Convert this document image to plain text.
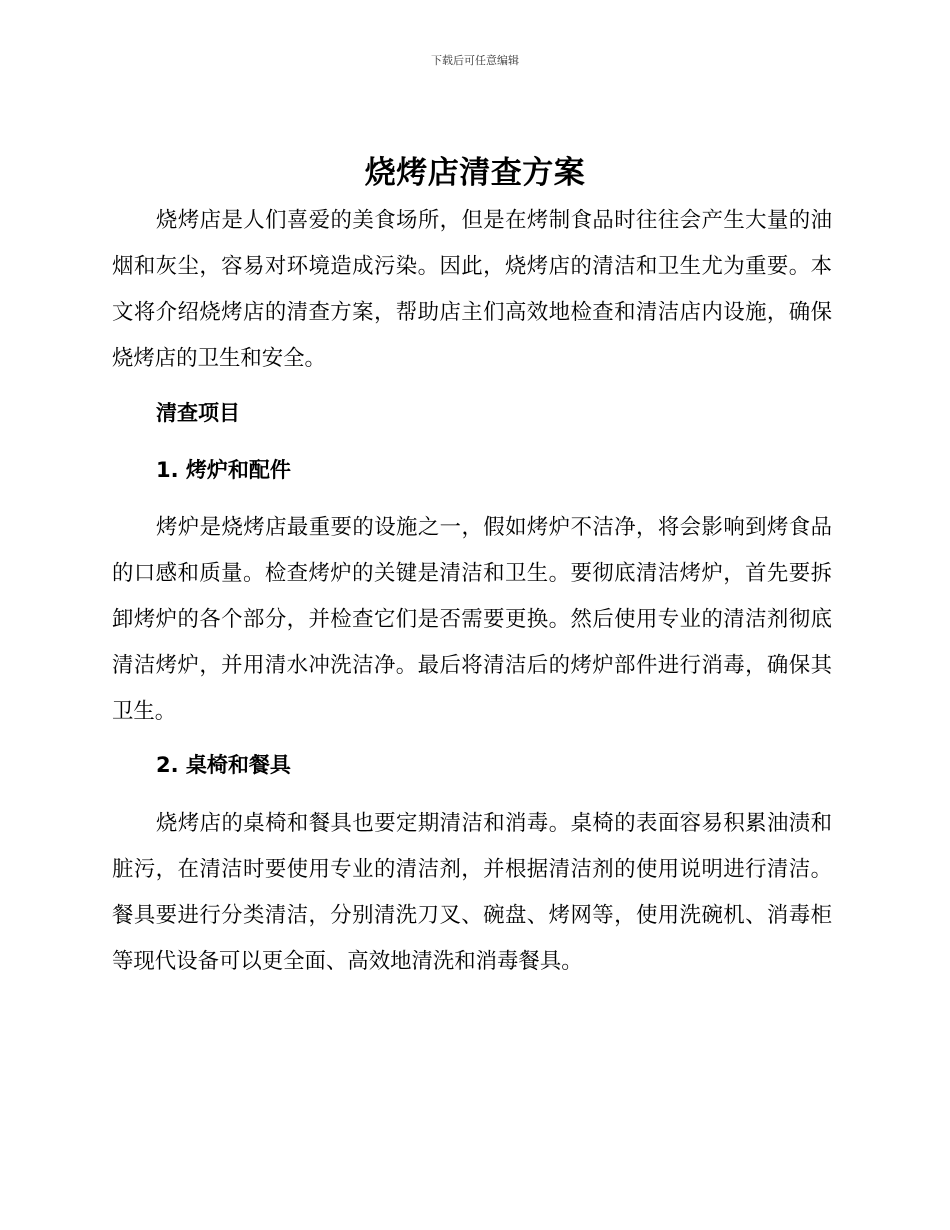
下载后可任意编辑
烧烤店清查方案

烧烤店是人们喜爱的美食场所，但是在烤制食品时往往会产生大量的油烟和灰尘，容易对环境造成污染。因此，烧烤店的清洁和卫生尤为重要。本文将介绍烧烤店的清查方案，帮助店主们高效地检查和清洁店内设施，确保烧烤店的卫生和安全。

清查项目
1. 烤炉和配件

烤炉是烧烤店最重要的设施之一，假如烤炉不洁净，将会影响到烤食品的口感和质量。检查烤炉的关键是清洁和卫生。要彻底清洁烤炉，首先要拆卸烤炉的各个部分，并检查它们是否需要更换。然后使用专业的清洁剂彻底清洁烤炉，并用清水冲洗洁净。最后将清洁后的烤炉部件进行消毒，确保其卫生。

2. 桌椅和餐具

烧烤店的桌椅和餐具也要定期清洁和消毒。桌椅的表面容易积累油渍和脏污，在清洁时要使用专业的清洁剂，并根据清洁剂的使用说明进行清洁。餐具要进行分类清洁，分别清洗刀叉、碗盘、烤网等，使用洗碗机、消毒柜等现代设备可以更全面、高效地清洗和消毒餐具。
